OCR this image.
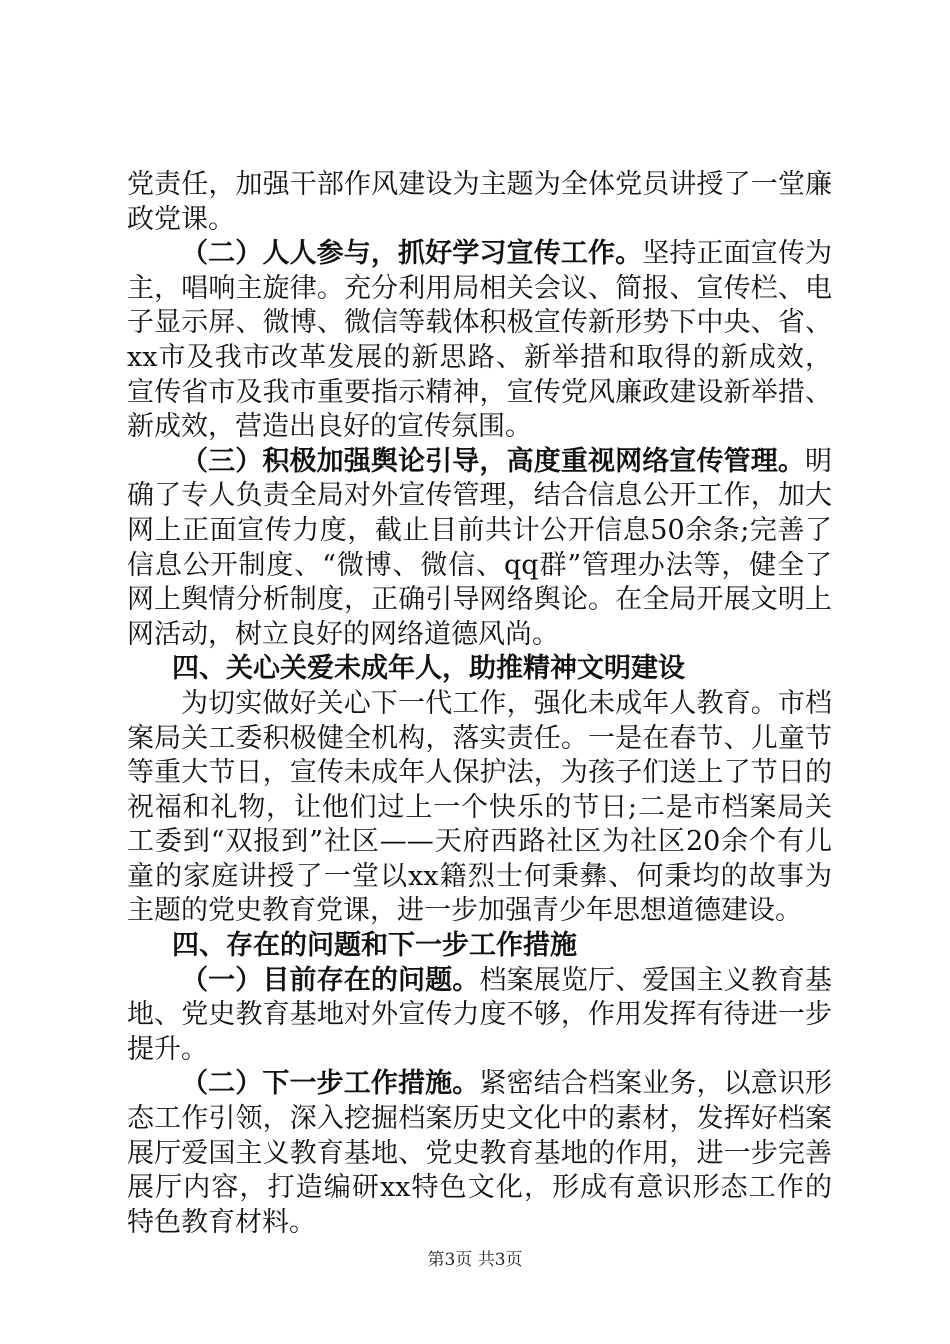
党责任，加强干部作风建设为主题为全体党员讲授了一堂廉政党课。

（二）人人参与，抓好学习宣传工作。坚持正面宣传为主，唱响主旋律。充分利用局相关会议、简报、宣传栏、电子显示屏、微博、微信等载体积极宣传新形势下中央、省、xx市及我市改革发展的新思路、新举措和取得的新成效，宣传省市及我市重要指示精神，宣传党风廉政建设新举措、新成效，营造出良好的宣传氛围。

（三）积极加强舆论引导，高度重视网络宣传管理。明确了专人负责全局对外宣传管理，结合信息公开工作，加大网上正面宣传力度，截止目前共计公开信息50余条;完善了信息公开制度、“微博、微信、qq群”管理办法等，健全了网上舆情分析制度，正确引导网络舆论。在全局开展文明上网活动，树立良好的网络道德风尚。

四、关心关爱未成年人，助推精神文明建设

为切实做好关心下一代工作，强化未成年人教育。市档案局关工委积极健全机构，落实责任。一是在春节、儿童节等重大节日，宣传未成年人保护法，为孩子们送上了节日的祝福和礼物，让他们过上一个快乐的节日;二是市档案局关工委到“双报到”社区——天府西路社区为社区20余个有儿童的家庭讲授了一堂以xx籍烈士何秉彝、何秉均的故事为主题的党史教育党课，进一步加强青少年思想道德建设。

四、存在的问题和下一步工作措施

（一）目前存在的问题。档案展览厅、爱国主义教育基地、党史教育基地对外宣传力度不够，作用发挥有待进一步提升。

（二）下一步工作措施。紧密结合档案业务，以意识形态工作引领，深入挖掘档案历史文化中的素材，发挥好档案展厅爱国主义教育基地、党史教育基地的作用，进一步完善展厅内容，打造编研xx特色文化，形成有意识形态工作的特色教育材料。

第3页 共3页
